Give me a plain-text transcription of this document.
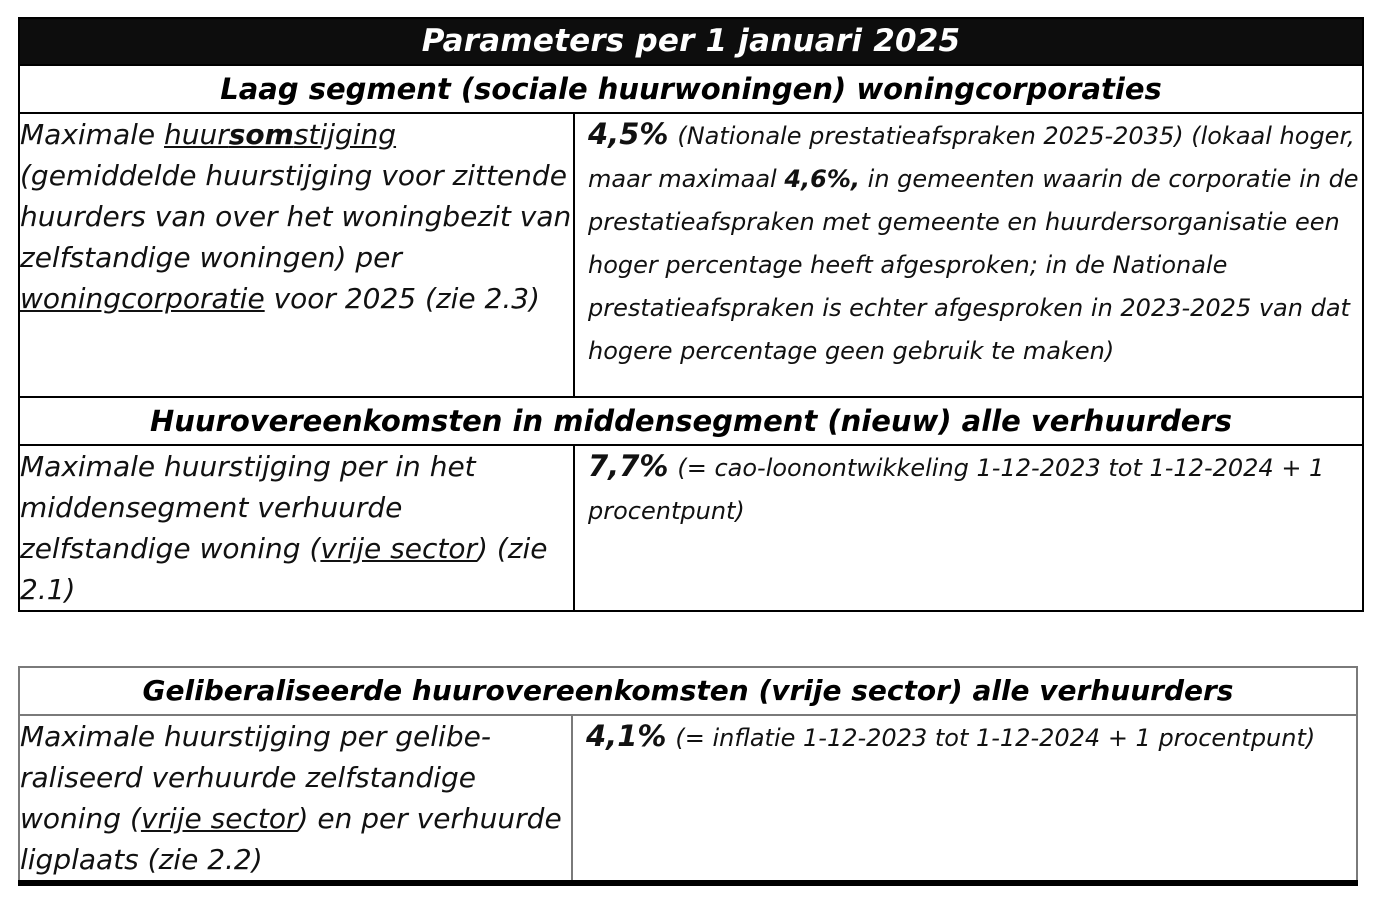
Parameters per 1 januari 2025	
Laag segment (sociale huurwoningen) woningcorporaties	
Maximale huursomstijging (gemiddelde huurstijging voor zittende huurders van over het woningbezit van zelfstandige woningen) per woningcorporatie voor 2025 (zie 2.3)	4,5% (Nationale prestatieafspraken 2025-2035) (lokaal hoger, maar maximaal 4,6%, in gemeenten waarin de corporatie in de prestatieafspraken met gemeente en huurdersorganisatie een hoger percentage heeft afgesproken; in de Nationale prestatieafspraken is echter afgesproken in 2023-2025 van dat hogere percentage geen gebruik te maken)
Huurovereenkomsten in middensegment (nieuw) alle verhuurders	
Maximale huurstijging per in het middensegment verhuurde zelfstandige woning (vrije sector) (zie 2.1)	7,7% (= cao-loonontwikkeling 1-12-2023 tot 1-12-2024 + 1 procentpunt)
Geliberaliseerde huurovereenkomsten (vrije sector) alle verhuurders
Maximale huurstijging per gelibe-raliseerd verhuurde zelfstandige woning (vrije sector) en per verhuurde ligplaats (zie 2.2)	4,1% (= inflatie 1-12-2023 tot 1-12-2024 + 1 procentpunt)
